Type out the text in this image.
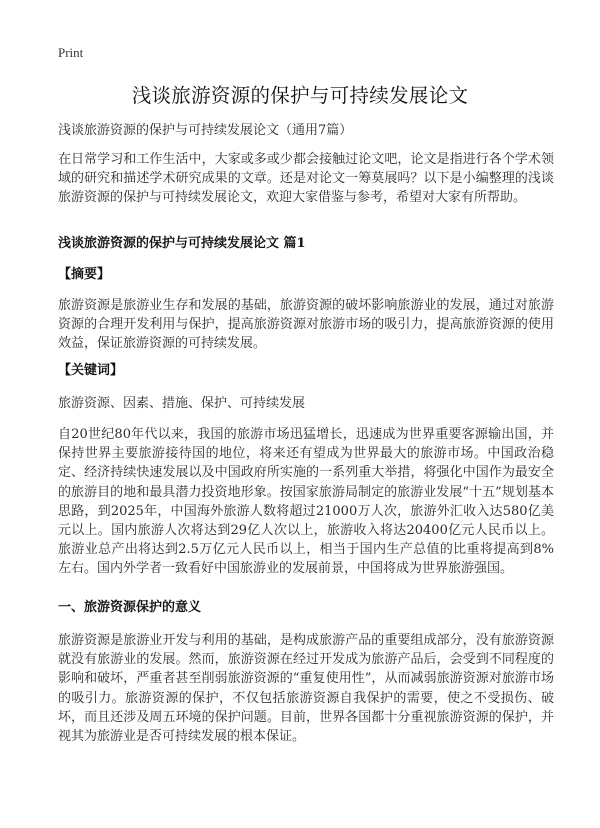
Print
浅谈旅游资源的保护与可持续发展论文

浅谈旅游资源的保护与可持续发展论文（通用7篇）

在日常学习和工作生活中，大家或多或少都会接触过论文吧，论文是指进行各个学术领域的研究和描述学术研究成果的文章。还是对论文一筹莫展吗？以下是小编整理的浅谈旅游资源的保护与可持续发展论文，欢迎大家借鉴与参考，希望对大家有所帮助。

浅谈旅游资源的保护与可持续发展论文 篇1

【摘要】

旅游资源是旅游业生存和发展的基础，旅游资源的破坏影响旅游业的发展，通过对旅游资源的合理开发利用与保护，提高旅游资源对旅游市场的吸引力，提高旅游资源的使用效益，保证旅游资源的可持续发展。

【关键词】

旅游资源、因素、措施、保护、可持续发展

自20世纪80年代以来，我国的旅游市场迅猛增长，迅速成为世界重要客源输出国，并保持世界主要旅游接待国的地位，将来还有望成为世界最大的旅游市场。中国政治稳定、经济持续快速发展以及中国政府所实施的一系列重大举措，将强化中国作为最安全的旅游目的地和最具潜力投资地形象。按国家旅游局制定的旅游业发展“十五”规划基本思路，到2025年，中国海外旅游人数将超过21000万人次，旅游外汇收入达580亿美元以上。国内旅游人次将达到29亿人次以上，旅游收入将达20400亿元人民币以上。旅游业总产出将达到2.5万亿元人民币以上，相当于国内生产总值的比重将提高到8%左右。国内外学者一致看好中国旅游业的发展前景，中国将成为世界旅游强国。

一、旅游资源保护的意义

旅游资源是旅游业开发与利用的基础，是构成旅游产品的重要组成部分，没有旅游资源就没有旅游业的发展。然而，旅游资源在经过开发成为旅游产品后，会受到不同程度的影响和破坏，严重者甚至削弱旅游资源的“重复使用性”，从而减弱旅游资源对旅游市场的吸引力。旅游资源的保护，不仅包括旅游资源自我保护的需要，使之不受损伤、破坏，而且还涉及周五环境的保护问题。目前，世界各国都十分重视旅游资源的保护，并视其为旅游业是否可持续发展的根本保证。
